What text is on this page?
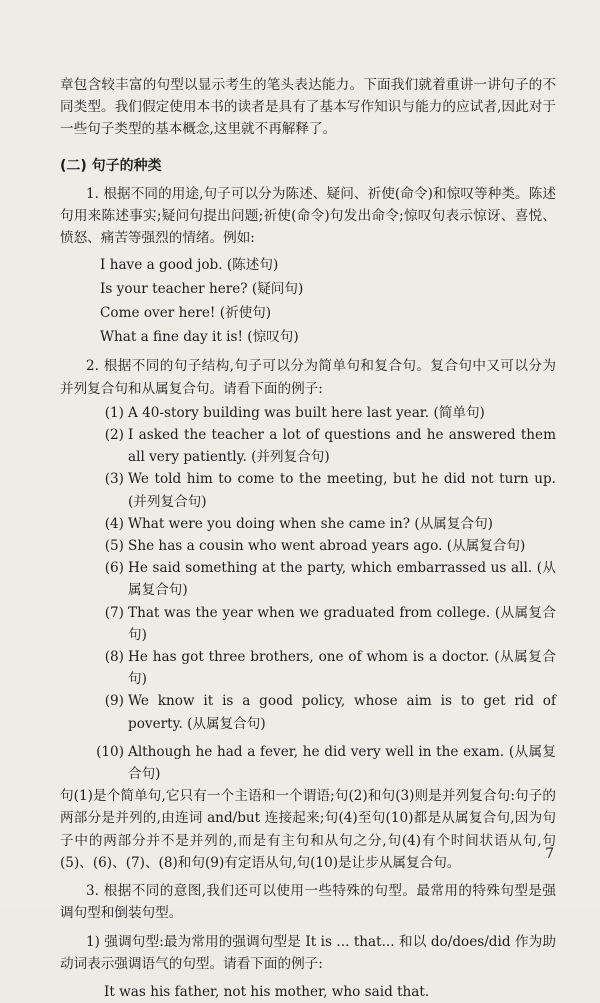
章包含较丰富的句型以显示考生的笔头表达能力。下面我们就着重讲一讲句子的不同类型。我们假定使用本书的读者是具有了基本写作知识与能力的应试者,因此对于一些句子类型的基本概念,这里就不再解释了。

(二) 句子的种类

1. 根据不同的用途,句子可以分为陈述、疑问、祈使(命令)和惊叹等种类。陈述句用来陈述事实;疑问句提出问题;祈使(命令)句发出命令;惊叹句表示惊讶、喜悦、愤怒、痛苦等强烈的情绪。例如:

I have a good job. (陈述句)
Is your teacher here? (疑问句)
Come over here! (祈使句)
What a fine day it is! (惊叹句)

2. 根据不同的句子结构,句子可以分为简单句和复合句。复合句中又可以分为并列复合句和从属复合句。请看下面的例子:

(1) A 40-story building was built here last year. (简单句)
(2) I asked the teacher a lot of questions and he answered them all very patiently. (并列复合句)
(3) We told him to come to the meeting, but he did not turn up. (并列复合句)
(4) What were you doing when she came in? (从属复合句)
(5) She has a cousin who went abroad years ago. (从属复合句)
(6) He said something at the party, which embarrassed us all. (从属复合句)
(7) That was the year when we graduated from college. (从属复合句)
(8) He has got three brothers, one of whom is a doctor. (从属复合句)
(9) We know it is a good policy, whose aim is to get rid of poverty. (从属复合句)
(10) Although he had a fever, he did very well in the exam. (从属复合句)

句(1)是个简单句,它只有一个主语和一个谓语;句(2)和句(3)则是并列复合句:句子的两部分是并列的,由连词 and/but 连接起来;句(4)至句(10)都是从属复合句,因为句子中的两部分并不是并列的,而是有主句和从句之分,句(4)有个时间状语从句,句(5)、(6)、(7)、(8)和句(9)有定语从句,句(10)是让步从属复合句。

3. 根据不同的意图,我们还可以使用一些特殊的句型。最常用的特殊句型是强调句型和倒装句型。

1) 强调句型:最为常用的强调句型是 It is ... that... 和以 do/does/did 作为助动词表示强调语气的句型。请看下面的例子:

It was his father, not his mother, who said that.
7
